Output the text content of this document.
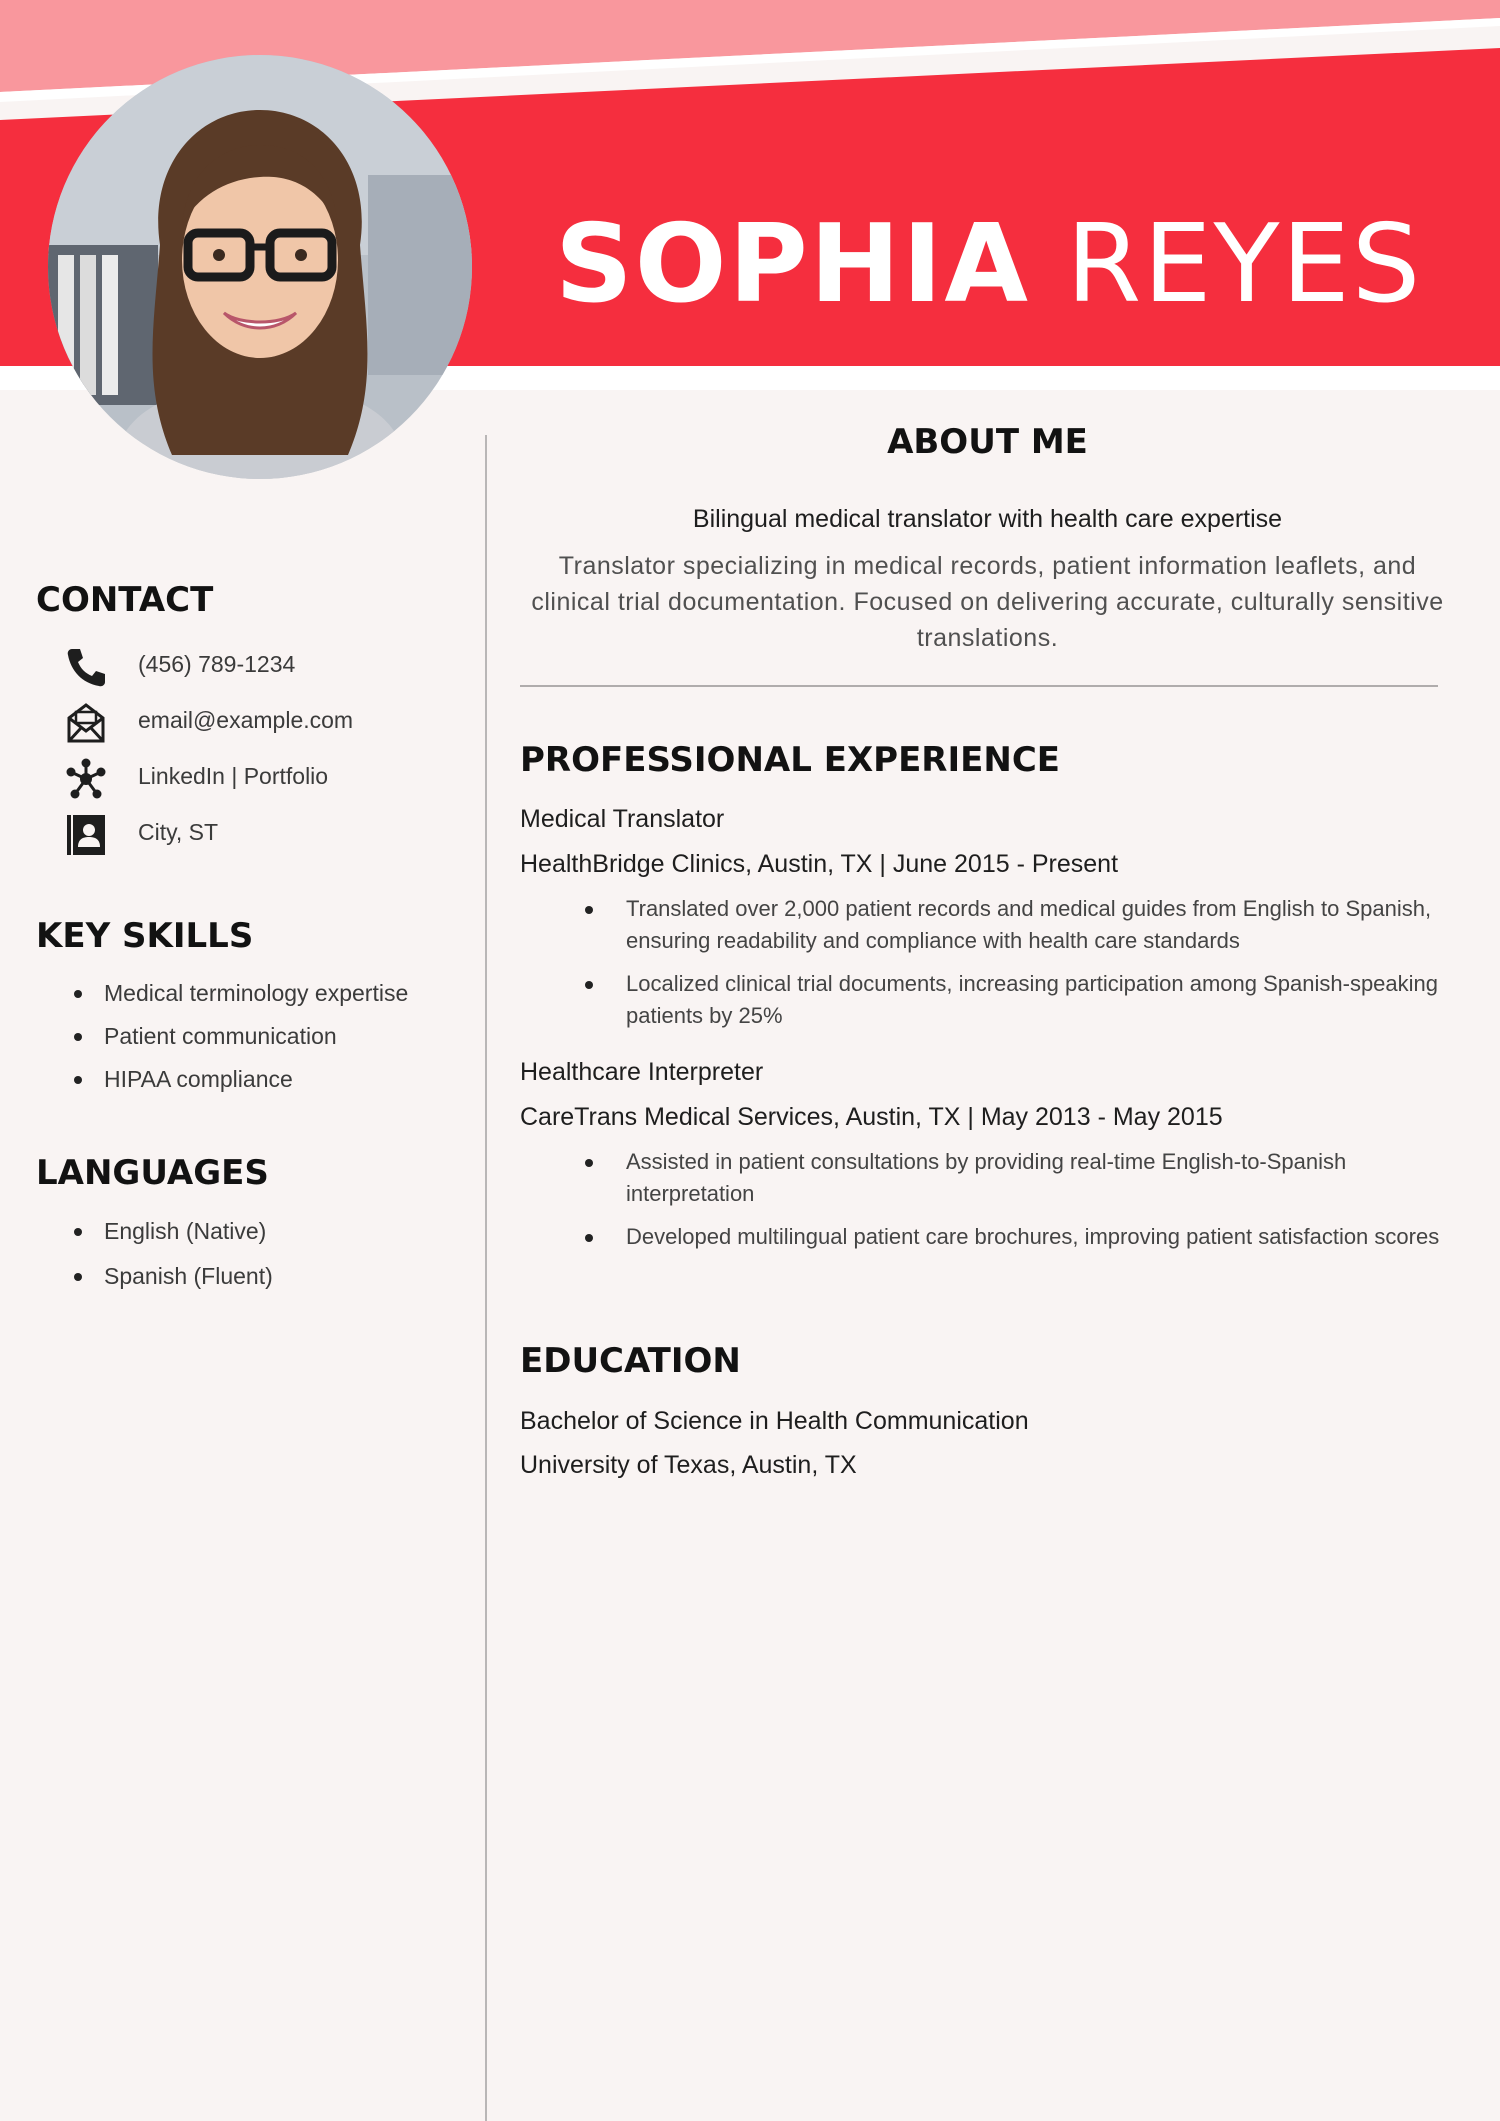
SOPHIA REYES
CONTACT
(456) 789-1234
email@example.com
LinkedIn | Portfolio
City, ST
KEY SKILLS
Medical terminology expertise
Patient communication
HIPAA compliance
LANGUAGES
English (Native)
Spanish (Fluent)
ABOUT ME
Bilingual medical translator with health care expertise
Translator specializing in medical records, patient information leaflets, and clinical trial documentation. Focused on delivering accurate, culturally sensitive translations.
PROFESSIONAL EXPERIENCE
Medical Translator
HealthBridge Clinics, Austin, TX | June 2015 - Present
Translated over 2,000 patient records and medical guides from English to Spanish, ensuring readability and compliance with health care standards
Localized clinical trial documents, increasing participation among Spanish-speaking patients by 25%
Healthcare Interpreter
CareTrans Medical Services, Austin, TX | May 2013 - May 2015
Assisted in patient consultations by providing real-time English-to-Spanish interpretation
Developed multilingual patient care brochures, improving patient satisfaction scores
EDUCATION
Bachelor of Science in Health Communication
University of Texas, Austin, TX
